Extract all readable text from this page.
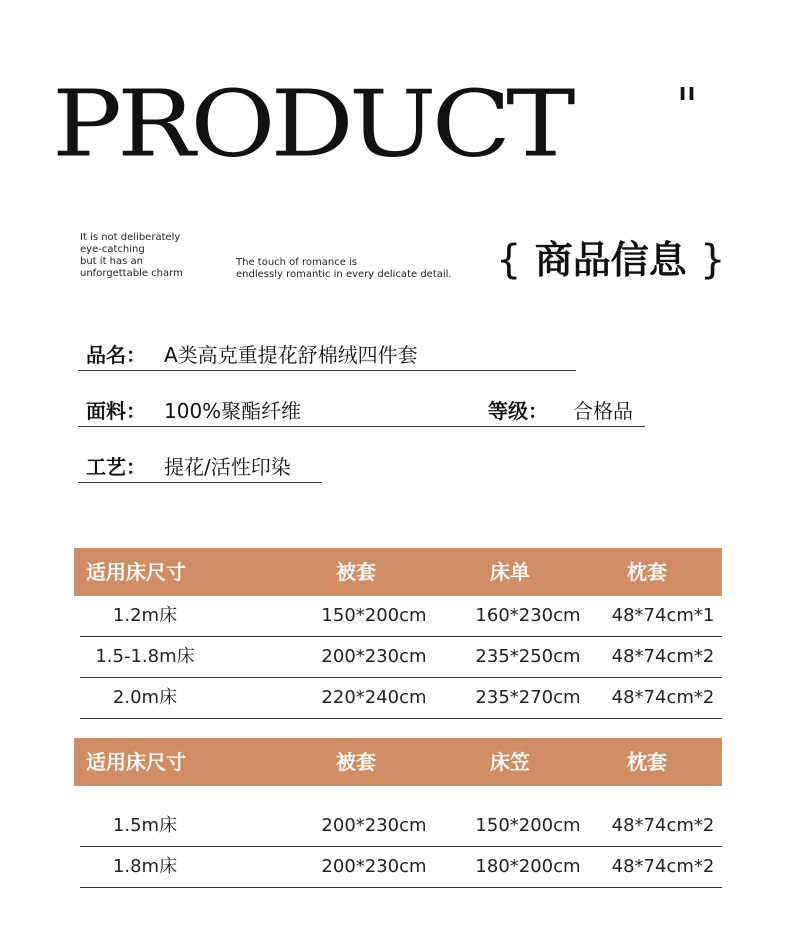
PRODUCT "
It is not deliberately
eye-catching
but it has an
unforgettable charm
The touch of romance is
endlessly romantic in every delicate detail. { 商品信息 }
品名： A类高克重提花舒棉绒四件套
面料： 100%聚酯纤维	等级： 合格品
工艺： 提花/活性印染
适用床尺寸	被套	床单	枕套
1.2m床	150*200cm	160*230cm	48*74cm*1
1.5-1.8m床	200*230cm	235*250cm	48*74cm*2
2.0m床	220*240cm	235*270cm	48*74cm*2
适用床尺寸	被套	床笠	枕套
1.5m床	200*230cm	150*200cm	48*74cm*2
1.8m床	200*230cm	180*200cm	48*74cm*2
